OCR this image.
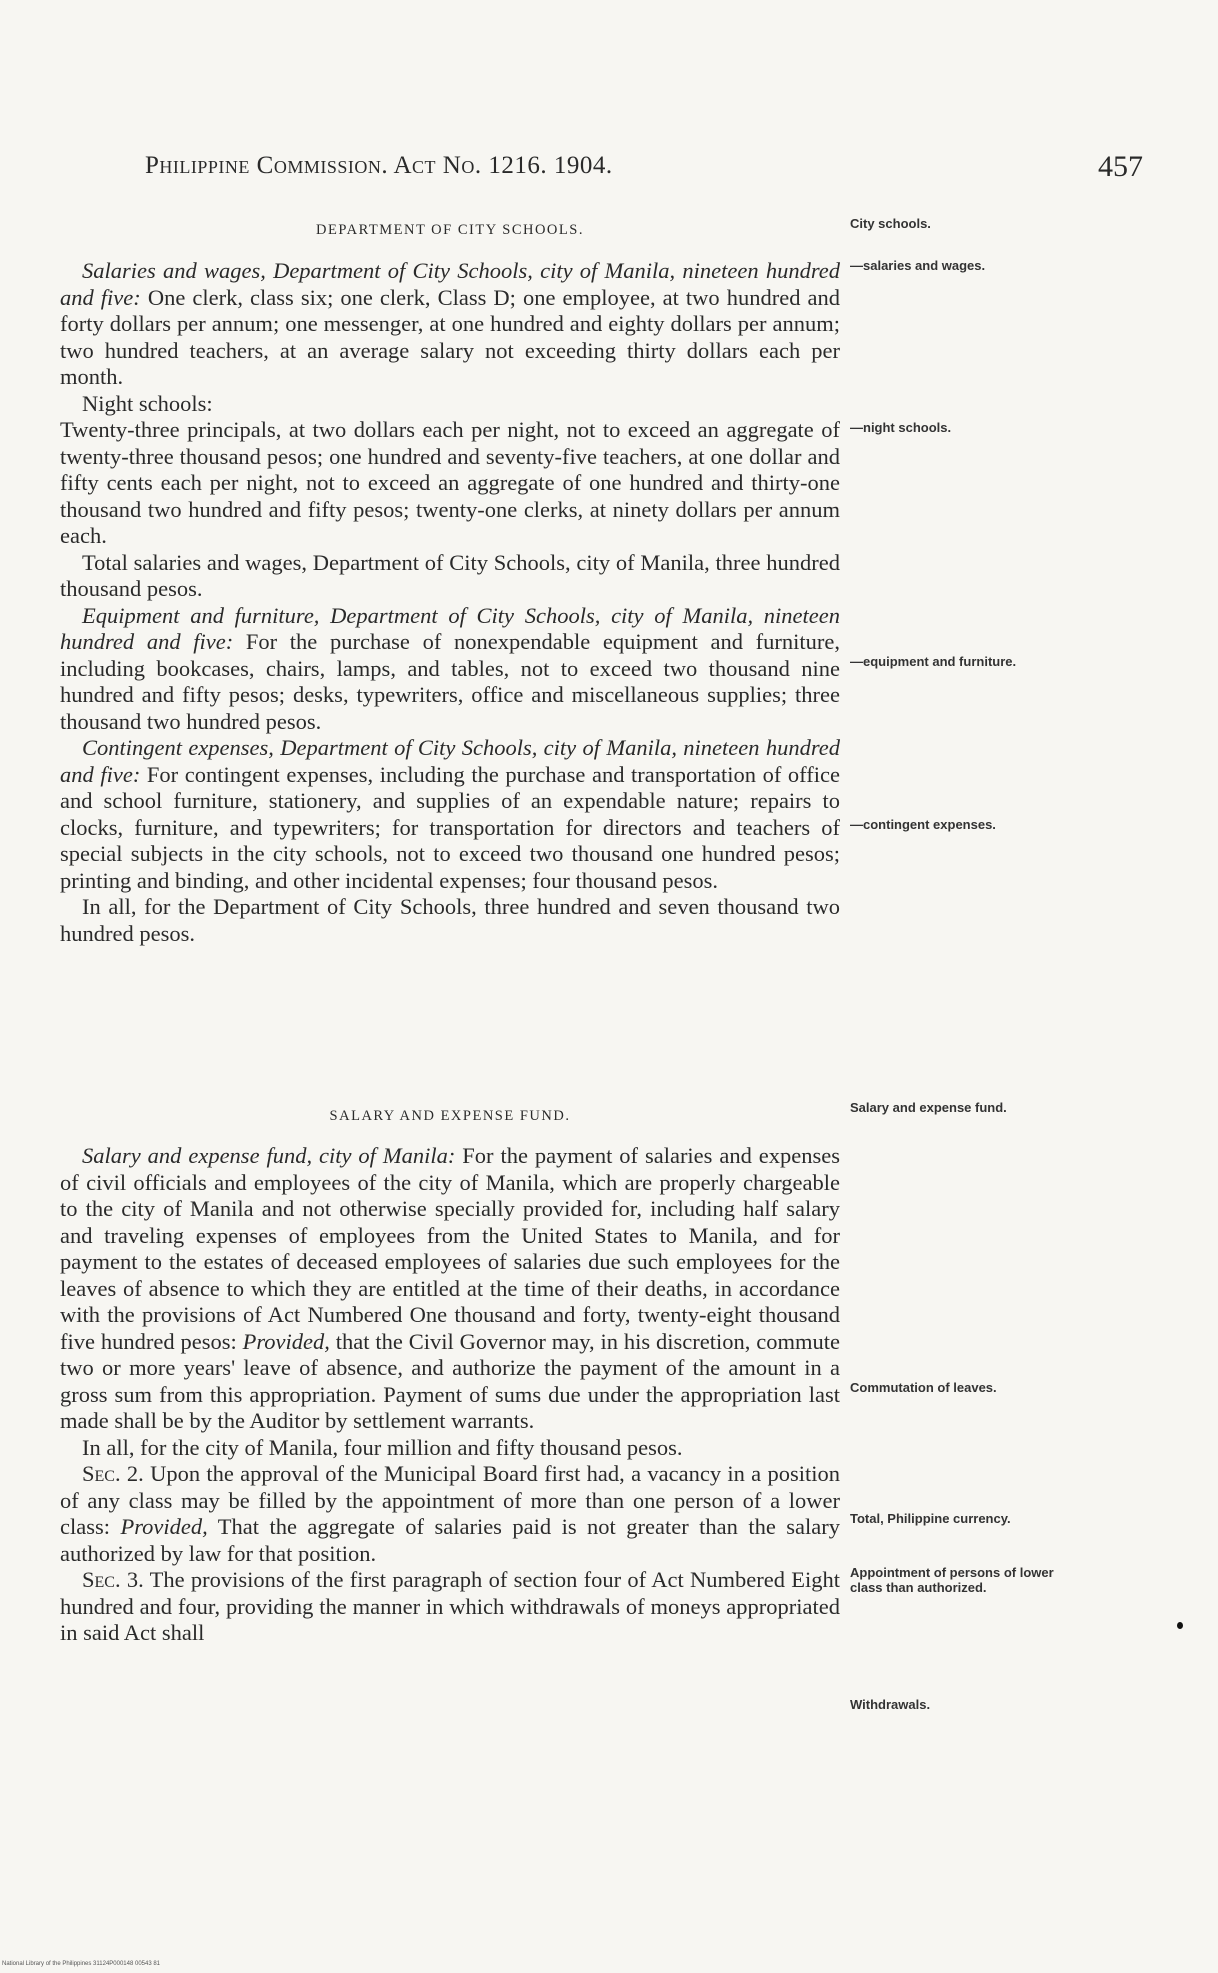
Philippine Commission. Act No. 1216. 1904.	457
DEPARTMENT OF CITY SCHOOLS.

Salaries and wages, Department of City Schools, city of Manila, nineteen hundred and five: One clerk, class six; one clerk, Class D; one employee, at two hundred and forty dollars per annum; one messenger, at one hundred and eighty dollars per annum; two hundred teachers, at an average salary not exceeding thirty dollars each per month.

Night schools:

Twenty-three principals, at two dollars each per night, not to exceed an aggregate of twenty-three thousand pesos; one hundred and seventy-five teachers, at one dollar and fifty cents each per night, not to exceed an aggregate of one hundred and thirty-one thousand two hundred and fifty pesos; twenty-one clerks, at ninety dollars per annum each.

Total salaries and wages, Department of City Schools, city of Manila, three hundred thousand pesos.

Equipment and furniture, Department of City Schools, city of Manila, nineteen hundred and five: For the purchase of nonexpendable equipment and furniture, including bookcases, chairs, lamps, and tables, not to exceed two thousand nine hundred and fifty pesos; desks, typewriters, office and miscellaneous supplies; three thousand two hundred pesos.

Contingent expenses, Department of City Schools, city of Manila, nineteen hundred and five: For contingent expenses, including the purchase and transportation of office and school furniture, stationery, and supplies of an expendable nature; repairs to clocks, furniture, and typewriters; for transportation for directors and teachers of special subjects in the city schools, not to exceed two thousand one hundred pesos; printing and binding, and other incidental expenses; four thousand pesos.

In all, for the Department of City Schools, three hundred and seven thousand two hundred pesos.

SALARY AND EXPENSE FUND.

Salary and expense fund, city of Manila: For the payment of salaries and expenses of civil officials and employees of the city of Manila, which are properly chargeable to the city of Manila and not otherwise specially provided for, including half salary and traveling expenses of employees from the United States to Manila, and for payment to the estates of deceased employees of salaries due such employees for the leaves of absence to which they are entitled at the time of their deaths, in accordance with the provisions of Act Numbered One thousand and forty, twenty-eight thousand five hundred pesos: Provided, that the Civil Governor may, in his discretion, commute two or more years' leave of absence, and authorize the payment of the amount in a gross sum from this appropriation. Payment of sums due under the appropriation last made shall be by the Auditor by settlement warrants.

In all, for the city of Manila, four million and fifty thousand pesos.

Sec. 2. Upon the approval of the Municipal Board first had, a vacancy in a position of any class may be filled by the appointment of more than one person of a lower class: Provided, That the aggregate of salaries paid is not greater than the salary authorized by law for that position.

Sec. 3. The provisions of the first paragraph of section four of Act Numbered Eight hundred and four, providing the manner in which withdrawals of moneys appropriated in said Act shall

City schools.
—salaries and wages.
—night schools.
—equipment and furniture.
—contingent expenses.
Salary and expense fund.
Commutation of leaves.
Total, Philippine currency.
Appointment of persons of lower class than authorized.
Withdrawals.
National Library of the Philippines 31124P000148 00543 81
